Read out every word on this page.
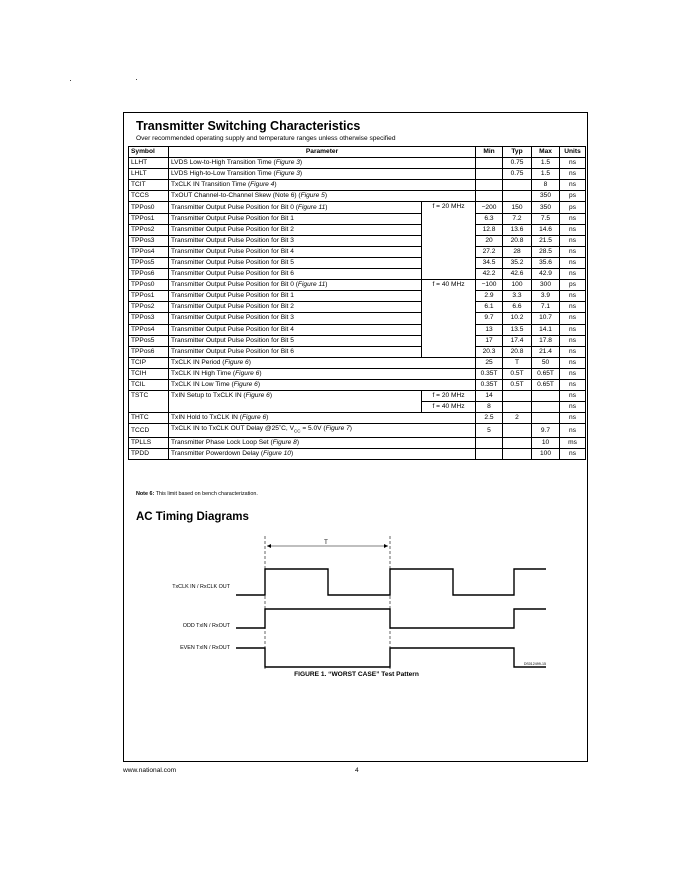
Transmitter Switching Characteristics
Over recommended operating supply and temperature ranges unless otherwise specified
Symbol	Parameter		Min	Typ	Max	Units
LLHT	LVDS Low-to-High Transition Time (Figure 3)			0.75	1.5	ns
LHLT	LVDS High-to-Low Transition Time (Figure 3)			0.75	1.5	ns
TCIT	TxCLK IN Transition Time (Figure 4)				8	ns
TCCS	TxOUT Channel-to-Channel Skew (Note 6) (Figure 5)				350	ps
TPPos0	Transmitter Output Pulse Position for Bit 0 (Figure 11)	f = 20 MHz	−200	150	350	ps
TPPos1	Transmitter Output Pulse Position for Bit 1		6.3	7.2	7.5	ns
TPPos2	Transmitter Output Pulse Position for Bit 2		12.8	13.6	14.6	ns
TPPos3	Transmitter Output Pulse Position for Bit 3		20	20.8	21.5	ns
TPPos4	Transmitter Output Pulse Position for Bit 4		27.2	28	28.5	ns
TPPos5	Transmitter Output Pulse Position for Bit 5		34.5	35.2	35.6	ns
TPPos6	Transmitter Output Pulse Position for Bit 6		42.2	42.6	42.9	ns
TPPos0	Transmitter Output Pulse Position for Bit 0 (Figure 11)	f = 40 MHz	−100	100	300	ps
TPPos1	Transmitter Output Pulse Position for Bit 1		2.9	3.3	3.9	ns
TPPos2	Transmitter Output Pulse Position for Bit 2		6.1	6.6	7.1	ns
TPPos3	Transmitter Output Pulse Position for Bit 3		9.7	10.2	10.7	ns
TPPos4	Transmitter Output Pulse Position for Bit 4		13	13.5	14.1	ns
TPPos5	Transmitter Output Pulse Position for Bit 5		17	17.4	17.8	ns
TPPos6	Transmitter Output Pulse Position for Bit 6		20.3	20.8	21.4	ns
TCIP	TxCLK IN Period (Figure 6)		25	T	50	ns
TCIH	TxCLK IN High Time (Figure 6)		0.35T	0.5T	0.65T	ns
TCIL	TxCLK IN Low Time (Figure 6)		0.35T	0.5T	0.65T	ns
TSTC	TxIN Setup to TxCLK IN (Figure 6)	f = 20 MHz	14			ns
		f = 40 MHz	8			ns
THTC	TxIN Hold to TxCLK IN (Figure 6)		2.5	2		ns
TCCD	TxCLK IN to TxCLK OUT Delay @25˚C, $V_{CC} = 5.0V$ (Figure 7)		5		9.7	ns
TPLLS	Transmitter Phase Lock Loop Set (Figure 8)				10	ms
TPDD	Transmitter Powerdown Delay (Figure 10)				100	ns
Note 6: This limit based on bench characterization.
AC Timing Diagrams
T
TxCLK IN / RxCLK OUT
ODD TxIN / RxOUT
EVEN TxIN / RxOUT
DS012499-15
FIGURE 1. “WORST CASE” Test Pattern
www.national.com	4
